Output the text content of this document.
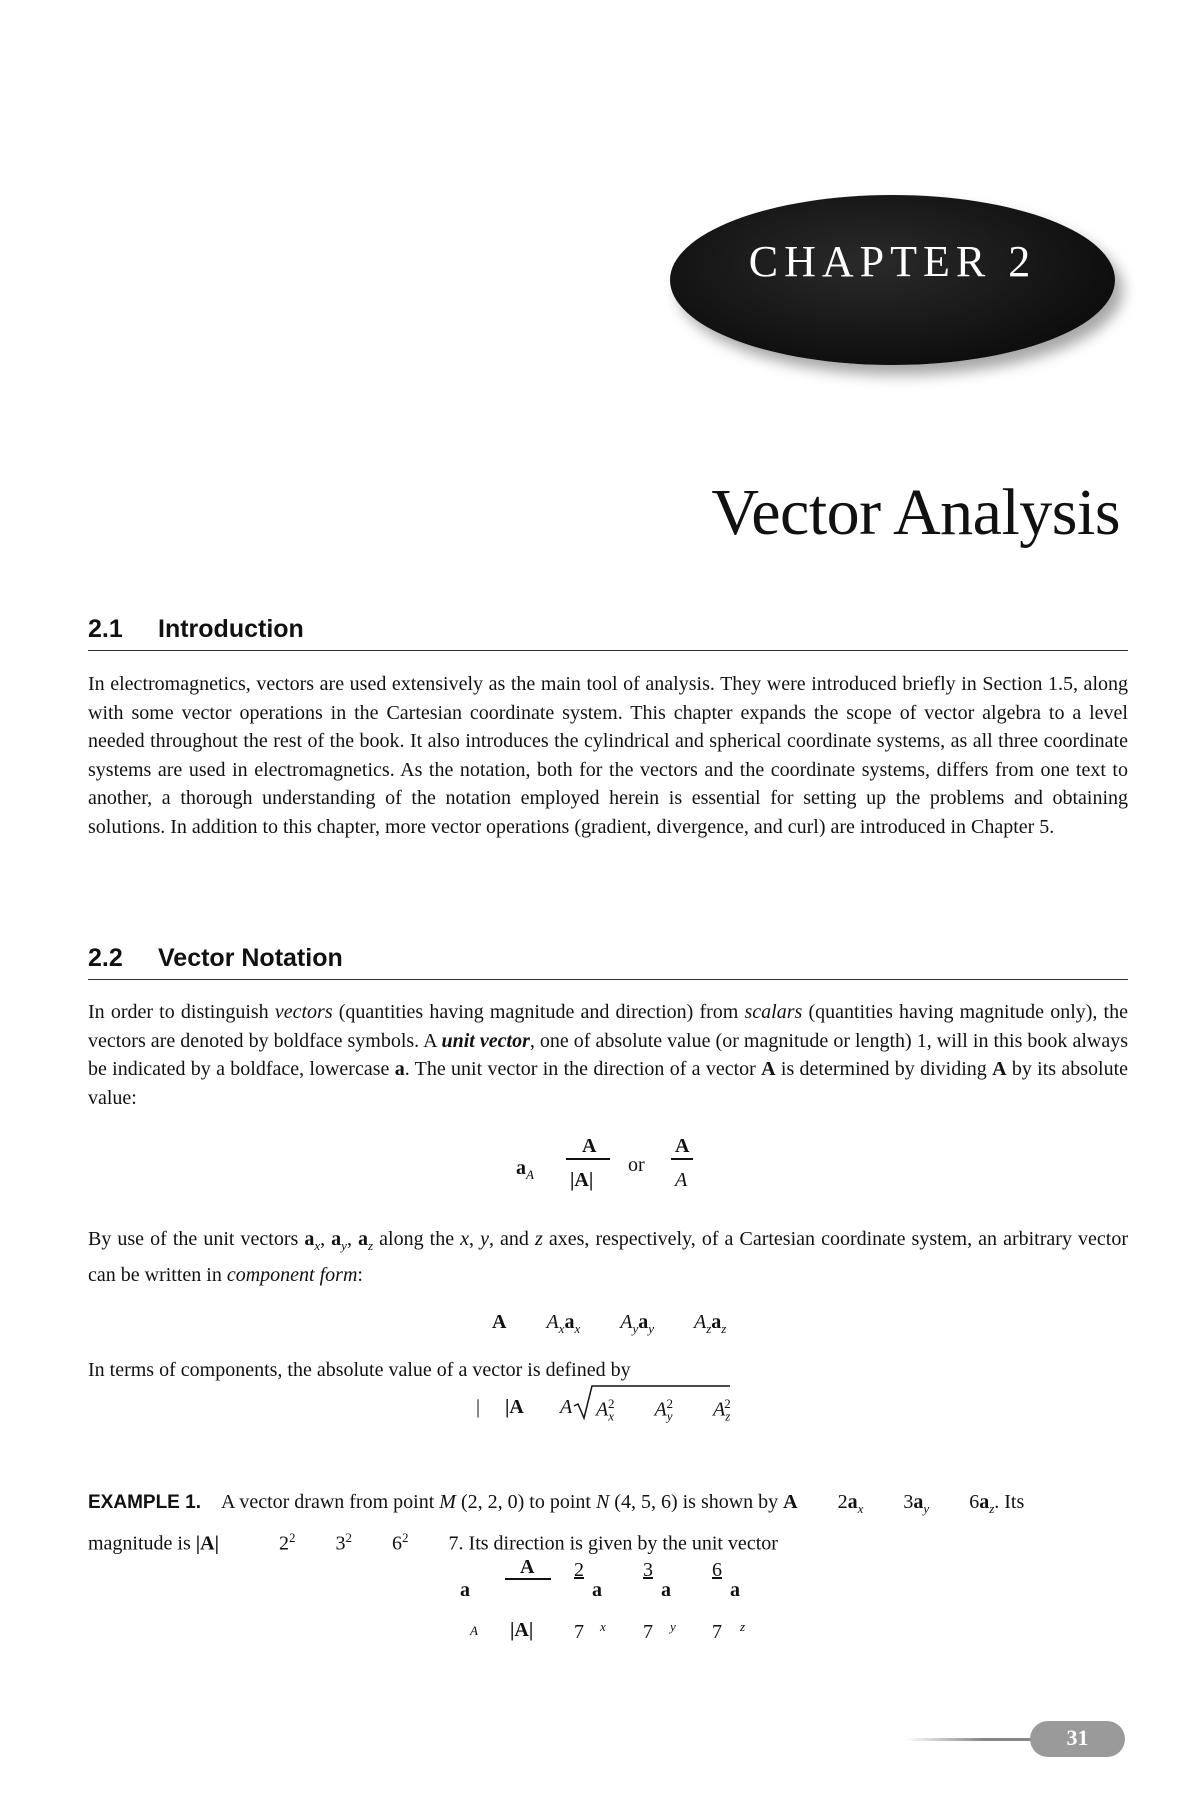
CHAPTER 2
Vector Analysis
2.1 Introduction

In electromagnetics, vectors are used extensively as the main tool of analysis. They were introduced briefly in Section 1.5, along with some vector operations in the Cartesian coordinate system. This chapter expands the scope of vector algebra to a level needed throughout the rest of the book. It also introduces the cylindrical and spherical coordinate systems, as all three coordinate systems are used in electromagnetics. As the notation, both for the vectors and the coordinate systems, differs from one text to another, a thorough understanding of the notation employed herein is essential for setting up the problems and obtaining solutions. In addition to this chapter, more vector operations (gradient, divergence, and curl) are introduced in Chapter 5.

2.2 Vector Notation

In order to distinguish vectors (quantities having magnitude and direction) from scalars (quantities having magnitude only), the vectors are denoted by boldface symbols. A unit vector, one of absolute value (or magnitude or length) 1, will in this book always be indicated by a boldface, lowercase a. The unit vector in the direction of a vector A is determined by dividing A by its absolute value:

$a_A$
A
|A|
or
A
A

By use of the unit vectors $a_x$, $a_y$, $a_z$ along the x, y, and z axes, respectively, of a Cartesian coordinate system, an arbitrary vector can be written in component form:

A   $A_xa_x$   $A_ya_y$   $A_za_z$

In terms of components, the absolute value of a vector is defined by

| |A A $A_x^2$   $A_y^2$   $A_z^2$

EXAMPLE 1.  A vector drawn from point M (2, 2, 0) to point N (4, 5, 6) is shown by A   $2a_x$   $3a_y$   $6a_z$. Its
magnitude is |A|   	$2^2$   $3^2$   $6^2$   7. Its direction is given by the unit vector

a
A
A
|A|
2
7
a
x
3
7
a
y
6
7
a
z
31
